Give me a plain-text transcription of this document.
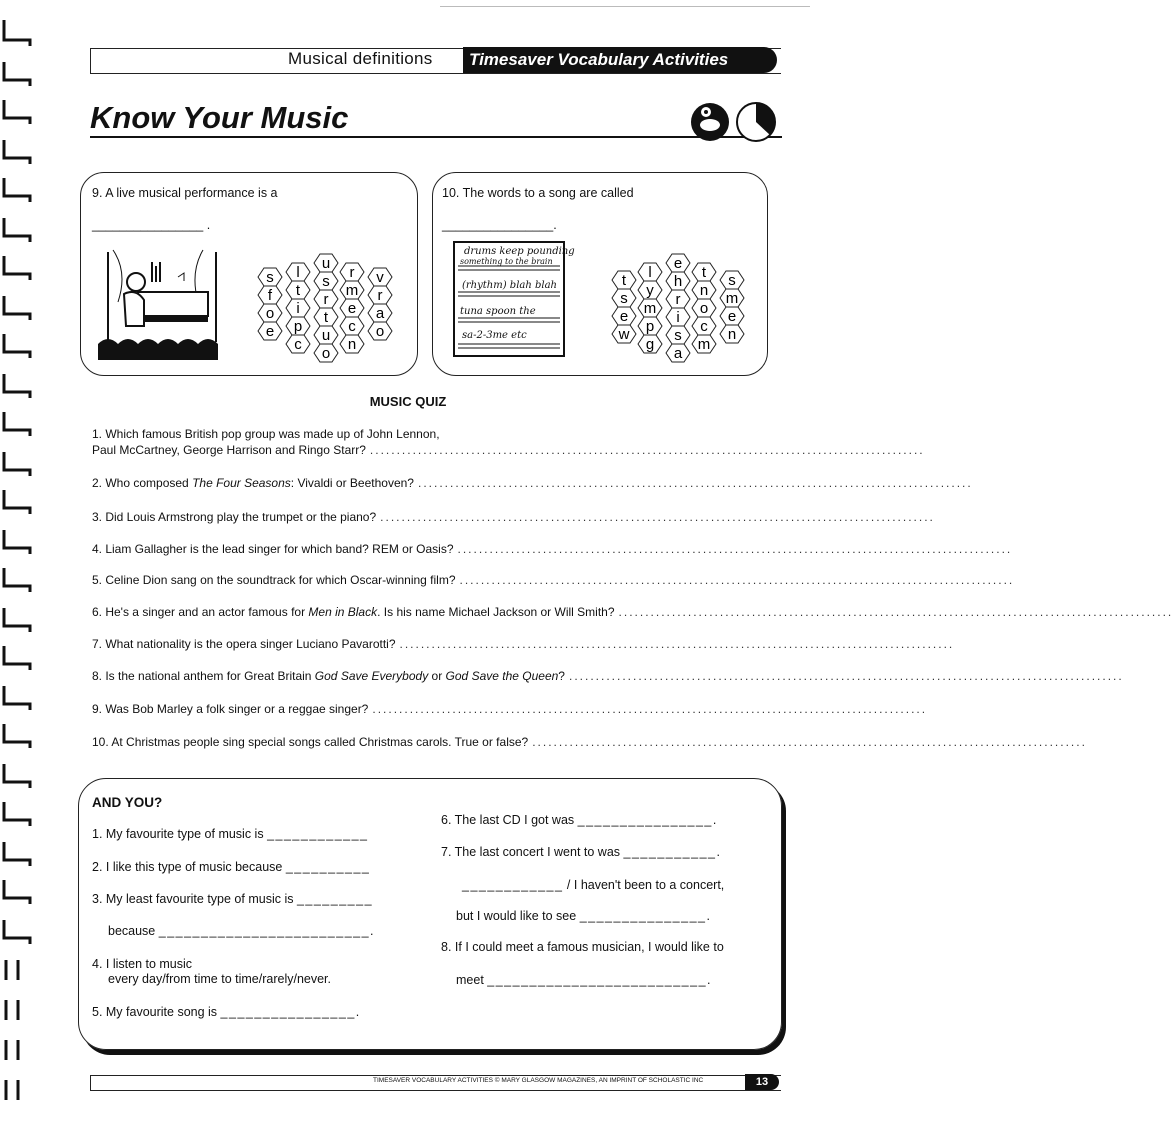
Musical definitions	Timesaver Vocabulary Activities
Know Your Music
9. A live musical performance is a
________________ .
u
r
s l
t
s
m
v
f
i
r
e
r
o	t	a
e p
u
c o
c	n
o
10. The words to a song are called
________________.
drums keep pounding
something to the brain
(rhythm) blah blah
tuna spoon the
sa-2-3me etc
e
t
l
t
y
h
n
s
s
m
r
o
m
e	i	e
p	c
w
g
s
m
n
a
MUSIC QUIZ
1. Which famous British pop group was made up of John Lennon,
Paul McCartney, George Harrison and Ringo Starr? ........................................................................................................
2. Who composed The Four Seasons: Vivaldi or Beethoven? ........................................................................................................
3. Did Louis Armstrong play the trumpet or the piano? ........................................................................................................
4. Liam Gallagher is the lead singer for which band? REM or Oasis? ........................................................................................................
5. Celine Dion sang on the soundtrack for which Oscar-winning film? ........................................................................................................
6. He's a singer and an actor famous for Men in Black. Is his name Michael Jackson or Will Smith? ........................................................................................................
7. What nationality is the opera singer Luciano Pavarotti? ........................................................................................................
8. Is the national anthem for Great Britain God Save Everybody or God Save the Queen? ........................................................................................................
9. Was Bob Marley a folk singer or a reggae singer? ........................................................................................................
10. At Christmas people sing special songs called Christmas carols. True or false? ........................................................................................................
AND YOU?
1. My favourite type of music is ____________
2. I like this type of music because __________
3. My least favourite type of music is _________
because _________________________.
4. I listen to music
every day/from time to time/rarely/never.
5. My favourite song is ________________.
6. The last CD I got was ________________.
7. The last concert I went to was ___________.
____________ / I haven't been to a concert,
but I would like to see _______________.
8. If I could meet a famous musician, I would like to
meet __________________________.
TIMESAVER VOCABULARY ACTIVITIES © MARY GLASGOW MAGAZINES, AN IMPRINT OF SCHOLASTIC INC	13
